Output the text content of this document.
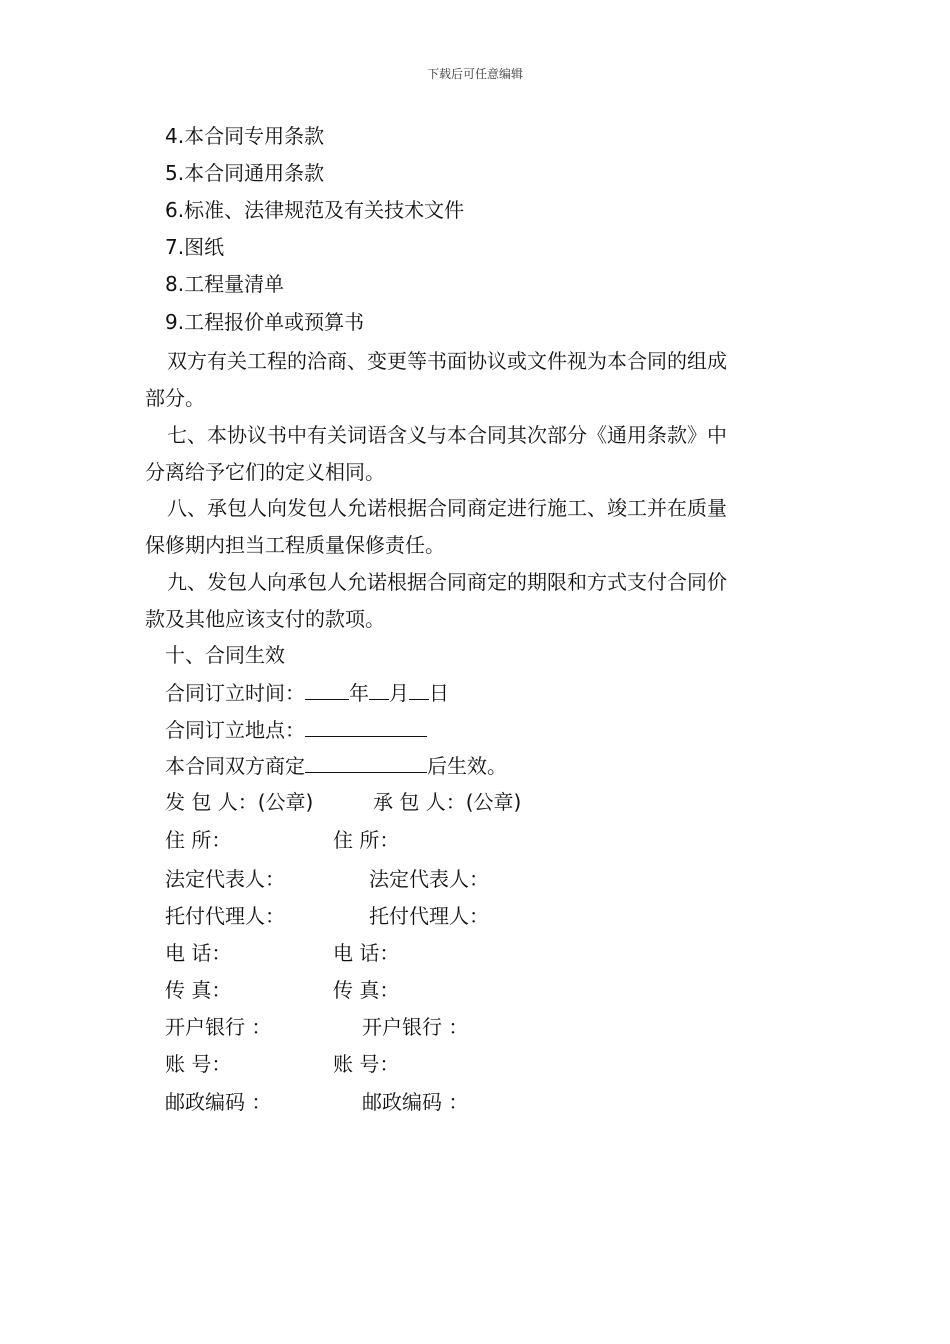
下载后可任意编辑
4.本合同专用条款
5.本合同通用条款
6.标准、法律规范及有关技术文件
7.图纸
8.工程量清单
9.工程报价单或预算书
双方有关工程的洽商、变更等书面协议或文件视为本合同的组成
部分。
七、本协议书中有关词语含义与本合同其次部分《通用条款》中
分离给予它们的定义相同。
八、承包人向发包人允诺根据合同商定进行施工、竣工并在质量
保修期内担当工程质量保修责任。
九、发包人向承包人允诺根据合同商定的期限和方式支付合同价
款及其他应该支付的款项。
十、合同生效
合同订立时间： 年 月 日
合同订立地点：
本合同双方商定	后生效。
发 包 人：(公章)
住 所：
法定代表人：
托付代理人：
电 话：
传 真：
开户银行 ：
账 号：
邮政编码 ：
承 包 人：(公章)
住 所：
法定代表人：
托付代理人：
电 话：
传 真：
开户银行 ：
账 号：
邮政编码 ：
